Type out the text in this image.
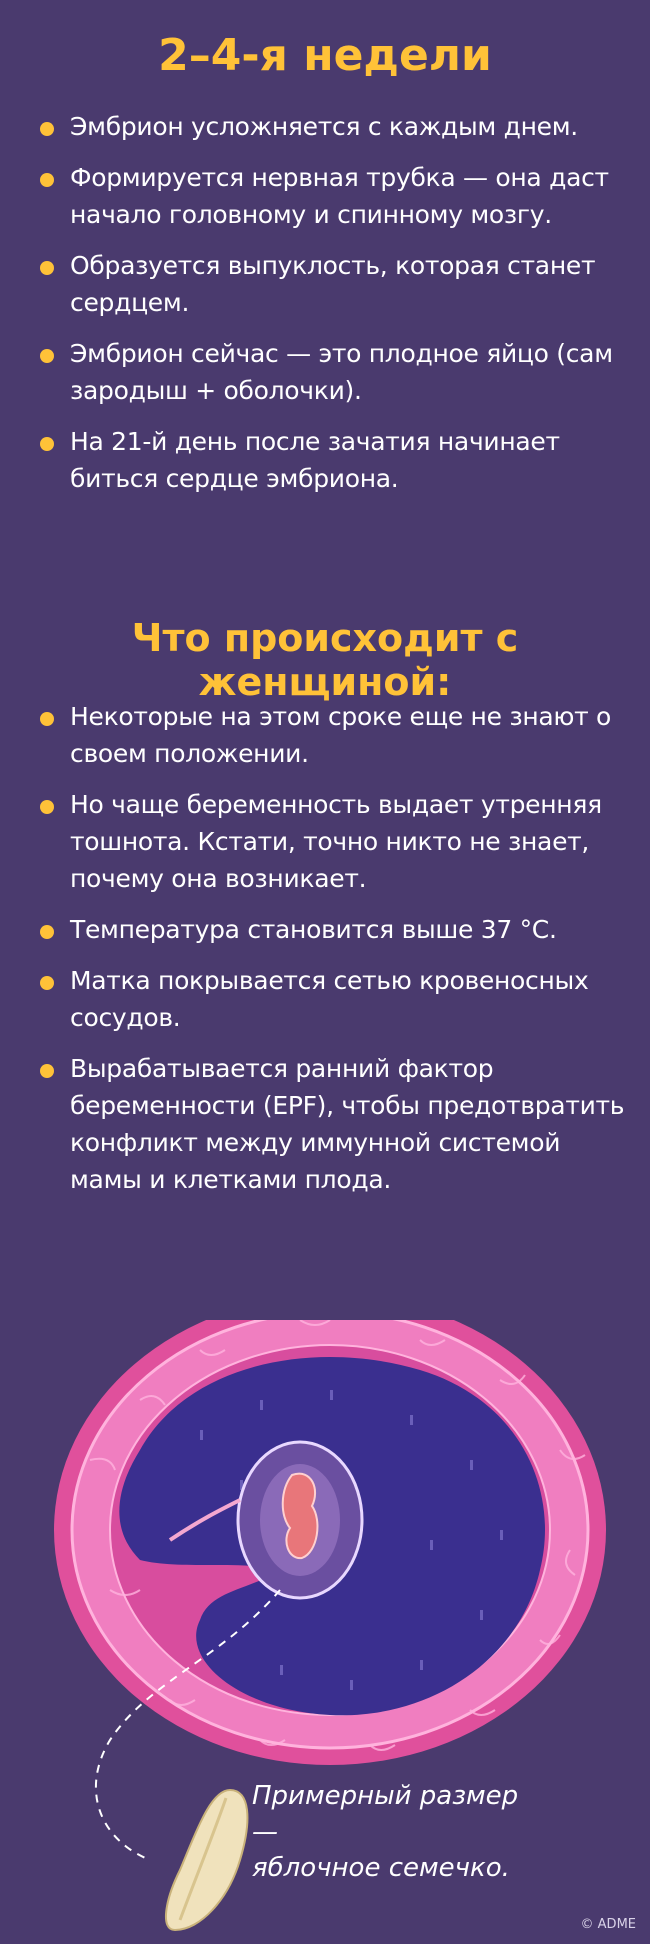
2–4-я недели
Эмбрион усложняется с каждым днем.
Формируется нервная трубка — она даст начало головному и спинному мозгу.
Образуется выпуклость, которая станет сердцем.
Эмбрион сейчас — это плодное яйцо (сам зародыш + оболочки).
На 21-й день после зачатия начинает биться сердце эмбриона.
Что происходит с женщиной:
Некоторые на этом сроке еще не знают о своем положении.
Но чаще беременность выдает утренняя тошнота. Кстати, точно никто не знает, почему она возникает.
Температура становится выше 37 °С.
Матка покрывается сетью кровеносных сосудов.
Вырабатывается ранний фактор беременности (EPF), чтобы предотвратить конфликт между иммунной системой мамы и клетками плода.
Примерный размер —
яблочное семечко.
© ADME
